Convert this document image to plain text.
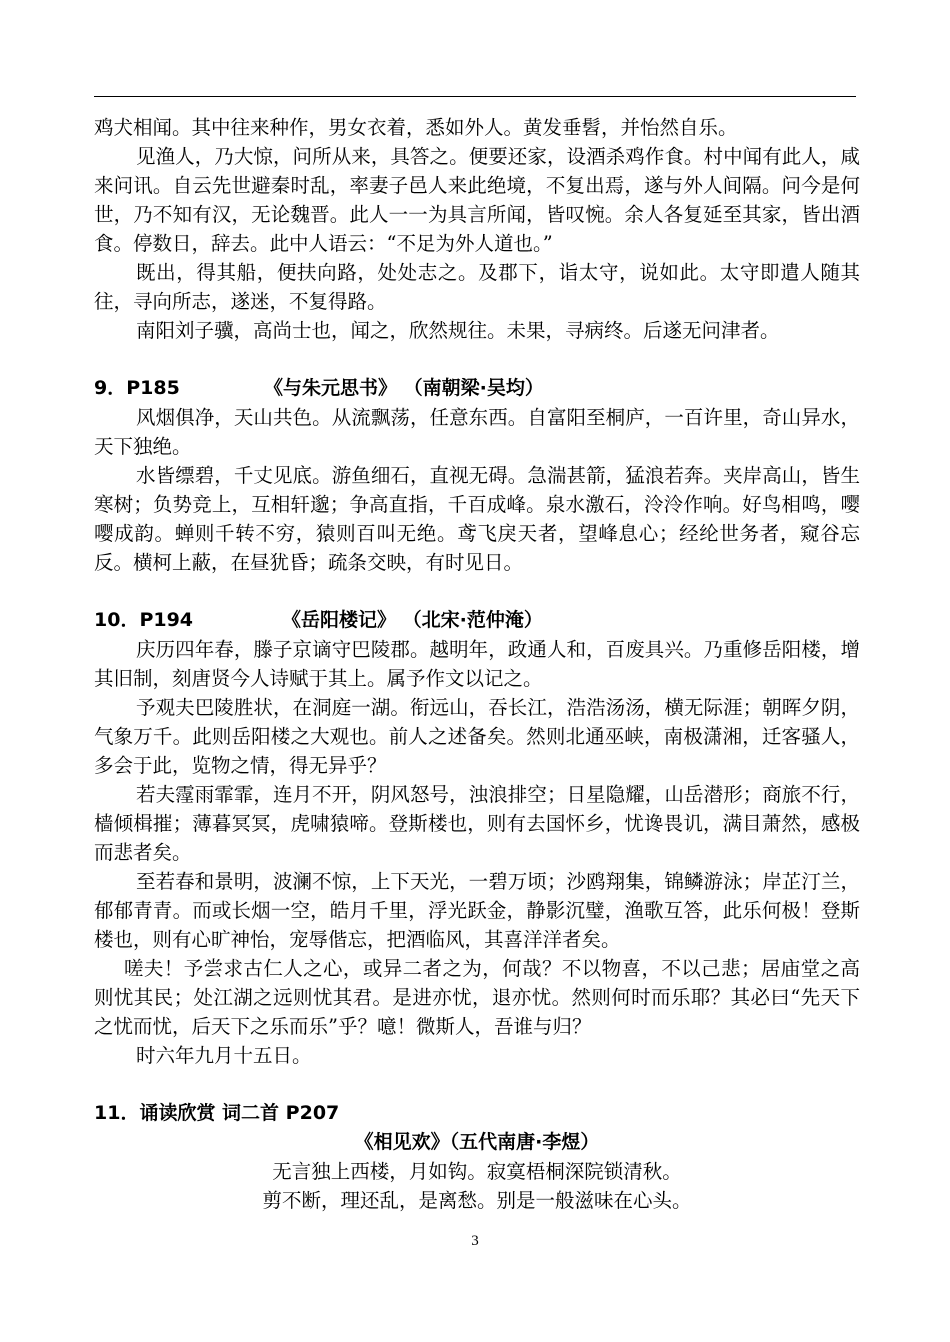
鸡犬相闻。其中往来种作，男女衣着，悉如外人。黄发垂髫，并怡然自乐。

见渔人，乃大惊，问所从来，具答之。便要还家，设酒杀鸡作食。村中闻有此人，咸来问讯。自云先世避秦时乱，率妻子邑人来此绝境，不复出焉，遂与外人间隔。问今是何世，乃不知有汉，无论魏晋。此人一一为具言所闻，皆叹惋。余人各复延至其家，皆出酒食。停数日，辞去。此中人语云：“不足为外人道也。”

既出，得其船，便扶向路，处处志之。及郡下，诣太守，说如此。太守即遣人随其往，寻向所志，遂迷，不复得路。

南阳刘子骥，高尚士也，闻之，欣然规往。未果，寻病终。后遂无问津者。

9．P185	《与朱元思书》 （南朝梁·吴均）

风烟俱净，天山共色。从流飘荡，任意东西。自富阳至桐庐，一百许里，奇山异水，天下独绝。

水皆缥碧，千丈见底。游鱼细石，直视无碍。急湍甚箭，猛浪若奔。夹岸高山，皆生寒树；负势竞上，互相轩邈；争高直指，千百成峰。泉水激石，泠泠作响。好鸟相鸣，嘤嘤成韵。蝉则千转不穷，猿则百叫无绝。鸢飞戾天者，望峰息心；经纶世务者，窥谷忘反。横柯上蔽，在昼犹昏；疏条交映，有时见日。

10．P194	《岳阳楼记》 （北宋·范仲淹）

庆历四年春，滕子京谪守巴陵郡。越明年，政通人和，百废具兴。乃重修岳阳楼，增其旧制，刻唐贤今人诗赋于其上。属予作文以记之。

予观夫巴陵胜状，在洞庭一湖。衔远山，吞长江，浩浩汤汤，横无际涯；朝晖夕阴，气象万千。此则岳阳楼之大观也。前人之述备矣。然则北通巫峡，南极潇湘，迁客骚人，多会于此，览物之情，得无异乎？

若夫霪雨霏霏，连月不开，阴风怒号，浊浪排空；日星隐耀，山岳潜形；商旅不行，樯倾楫摧；薄暮冥冥，虎啸猿啼。登斯楼也，则有去国怀乡，忧谗畏讥，满目萧然，感极而悲者矣。

至若春和景明，波澜不惊，上下天光，一碧万顷；沙鸥翔集，锦鳞游泳；岸芷汀兰，郁郁青青。而或长烟一空，皓月千里，浮光跃金，静影沉璧，渔歌互答，此乐何极！登斯楼也，则有心旷神怡，宠辱偕忘，把酒临风，其喜洋洋者矣。

嗟夫！予尝求古仁人之心，或异二者之为，何哉？不以物喜，不以己悲；居庙堂之高则忧其民；处江湖之远则忧其君。是进亦忧，退亦忧。然则何时而乐耶？其必曰“先天下之忧而忧，后天下之乐而乐”乎？噫！微斯人，吾谁与归？

时六年九月十五日。

11．诵读欣赏 词二首 P207

《相见欢》（五代南唐·李煜）

无言独上西楼，月如钩。寂寞梧桐深院锁清秋。

剪不断，理还乱，是离愁。别是一般滋味在心头。

3
